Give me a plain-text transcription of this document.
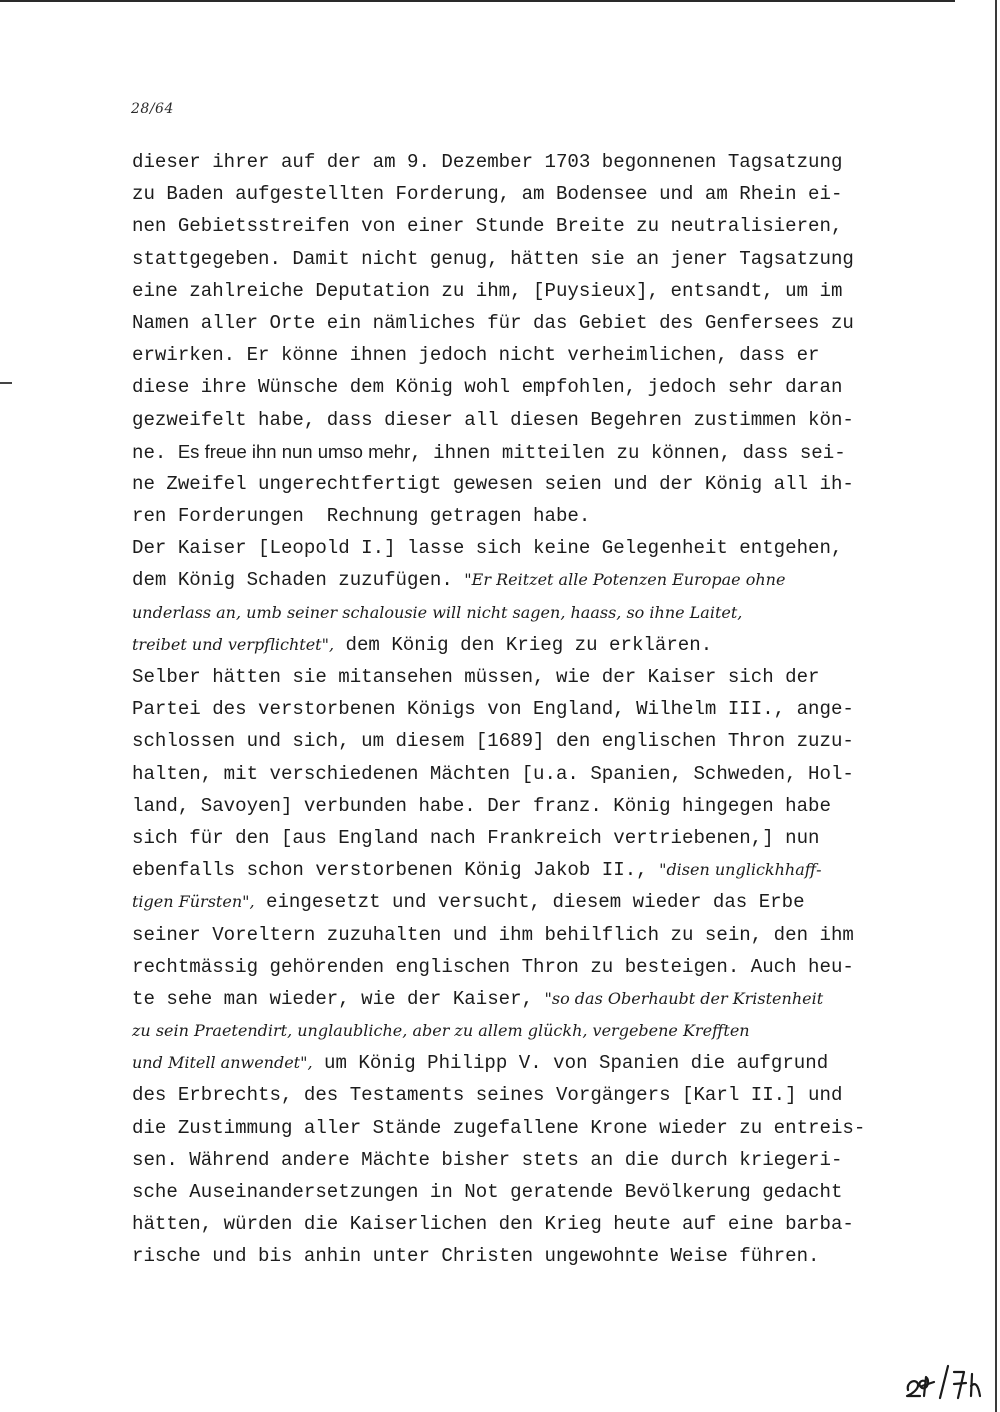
28/64
dieser ihrer auf der am 9. Dezember 1703 begonnenen Tagsatzung
zu Baden aufgestellten Forderung, am Bodensee und am Rhein ei-
nen Gebietsstreifen von einer Stunde Breite zu neutralisieren,
stattgegeben. Damit nicht genug, hätten sie an jener Tagsatzung
eine zahlreiche Deputation zu ihm, [Puysieux], entsandt, um im
Namen aller Orte ein nämliches für das Gebiet des Genfersees zu
erwirken. Er könne ihnen jedoch nicht verheimlichen, dass er
diese ihre Wünsche dem König wohl empfohlen, jedoch sehr daran
gezweifelt habe, dass dieser all diesen Begehren zustimmen kön-
ne. Es freue ihn nun umso mehr, ihnen mitteilen zu können, dass sei-
ne Zweifel ungerechtfertigt gewesen seien und der König all ih-
ren Forderungen  Rechnung getragen habe.
Der Kaiser [Leopold I.] lasse sich keine Gelegenheit entgehen,
dem König Schaden zuzufügen. "Er Reitzet alle Potenzen Europae ohne
underlass an, umb seiner schalousie will nicht sagen, haass, so ihne Laitet,
treibet und verpflichtet", dem König den Krieg zu erklären.
Selber hätten sie mitansehen müssen, wie der Kaiser sich der
Partei des verstorbenen Königs von England, Wilhelm III., ange-
schlossen und sich, um diesem [1689] den englischen Thron zuzu-
halten, mit verschiedenen Mächten [u.a. Spanien, Schweden, Hol-
land, Savoyen] verbunden habe. Der franz. König hingegen habe
sich für den [aus England nach Frankreich vertriebenen,] nun
ebenfalls schon verstorbenen König Jakob II., "disen unglickhhaff-
tigen Fürsten", eingesetzt und versucht, diesem wieder das Erbe
seiner Voreltern zuzuhalten und ihm behilflich zu sein, den ihm
rechtmässig gehörenden englischen Thron zu besteigen. Auch heu-
te sehe man wieder, wie der Kaiser, "so das Oberhaubt der Kristenheit
zu sein Praetendirt, unglaubliche, aber zu allem glückh, vergebene Krefften
und Mitell anwendet", um König Philipp V. von Spanien die aufgrund
des Erbrechts, des Testaments seines Vorgängers [Karl II.] und
die Zustimmung aller Stände zugefallene Krone wieder zu entreis-
sen. Während andere Mächte bisher stets an die durch kriegeri-
sche Auseinandersetzungen in Not geratende Bevölkerung gedacht
hätten, würden die Kaiserlichen den Krieg heute auf eine barba-
rische und bis anhin unter Christen ungewohnte Weise führen.
